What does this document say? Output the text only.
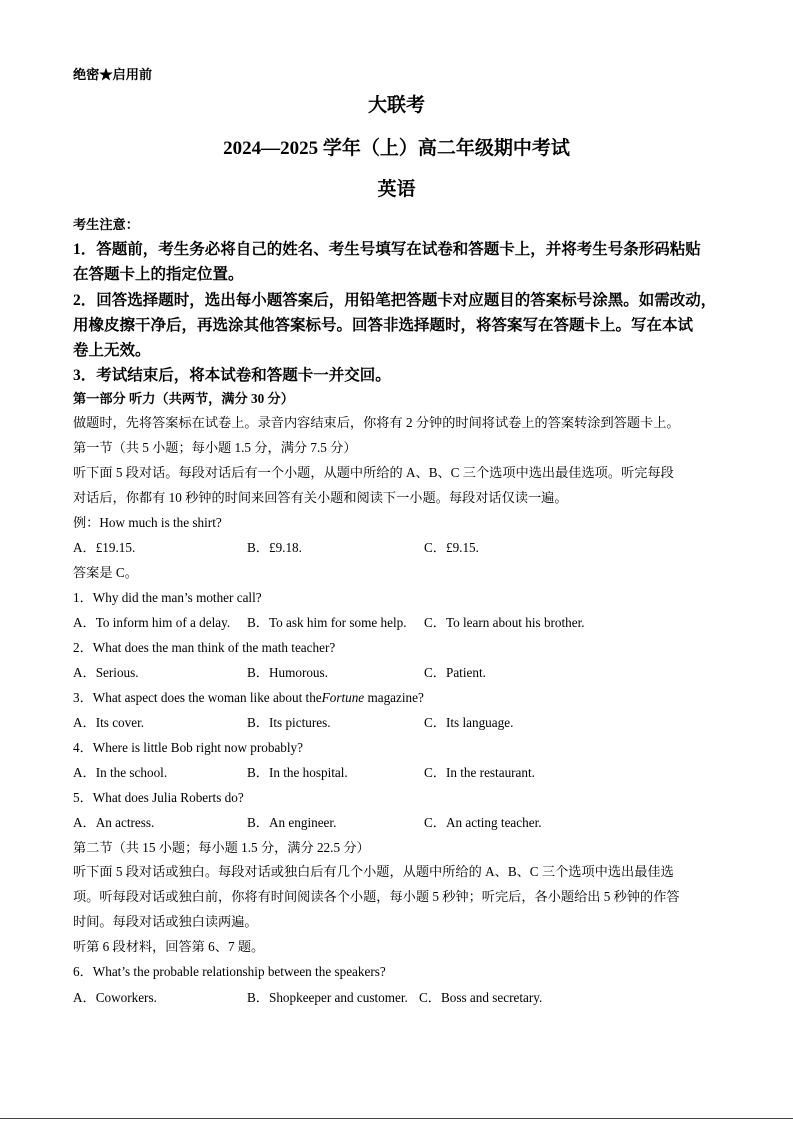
绝密★启用前
大联考
2024—2025 学年（上）高二年级期中考试
英语
考生注意：
1．答题前，考生务必将自己的姓名、考生号填写在试卷和答题卡上，并将考生号条形码粘贴
在答题卡上的指定位置。
2．回答选择题时，选出每小题答案后，用铅笔把答题卡对应题目的答案标号涂黑。如需改动，
用橡皮擦干净后，再选涂其他答案标号。回答非选择题时，将答案写在答题卡上。写在本试
卷上无效。
3．考试结束后，将本试卷和答题卡一并交回。
第一部分 听力（共两节，满分 30 分）
做题时，先将答案标在试卷上。录音内容结束后，你将有 2 分钟的时间将试卷上的答案转涂到答题卡上。
第一节（共 5 小题；每小题 1.5 分，满分 7.5 分）
听下面 5 段对话。每段对话后有一个小题，从题中所给的 A、B、C 三个选项中选出最佳选项。听完每段
对话后，你都有 10 秒钟的时间来回答有关小题和阅读下一小题。每段对话仅读一遍。
例：How much is the shirt?
A．£19.15.	B．£9.18.	C．£9.15.
答案是 C。
1．Why did the man’s mother call?
A．To inform him of a delay. B．To ask him for some help. C．To learn about his brother.
2．What does the man think of the math teacher?
A．Serious.	B．Humorous.	C．Patient.
3．What aspect does the woman like about theFortune magazine?
A．Its cover.	B．Its pictures.	C．Its language.
4．Where is little Bob right now probably?
A．In the school.	B．In the hospital.	C．In the restaurant.
5．What does Julia Roberts do?
A．An actress.	B．An engineer.	C．An acting teacher.
第二节（共 15 小题；每小题 1.5 分，满分 22.5 分）
听下面 5 段对话或独白。每段对话或独白后有几个小题，从题中所给的 A、B、C 三个选项中选出最佳选
项。听每段对话或独白前，你将有时间阅读各个小题，每小题 5 秒钟；听完后，各小题给出 5 秒钟的作答
时间。每段对话或独白读两遍。
听第 6 段材料，回答第 6、7 题。
6．What’s the probable relationship between the speakers?
A．Coworkers.	B．Shopkeeper and customer. C．Boss and secretary.
